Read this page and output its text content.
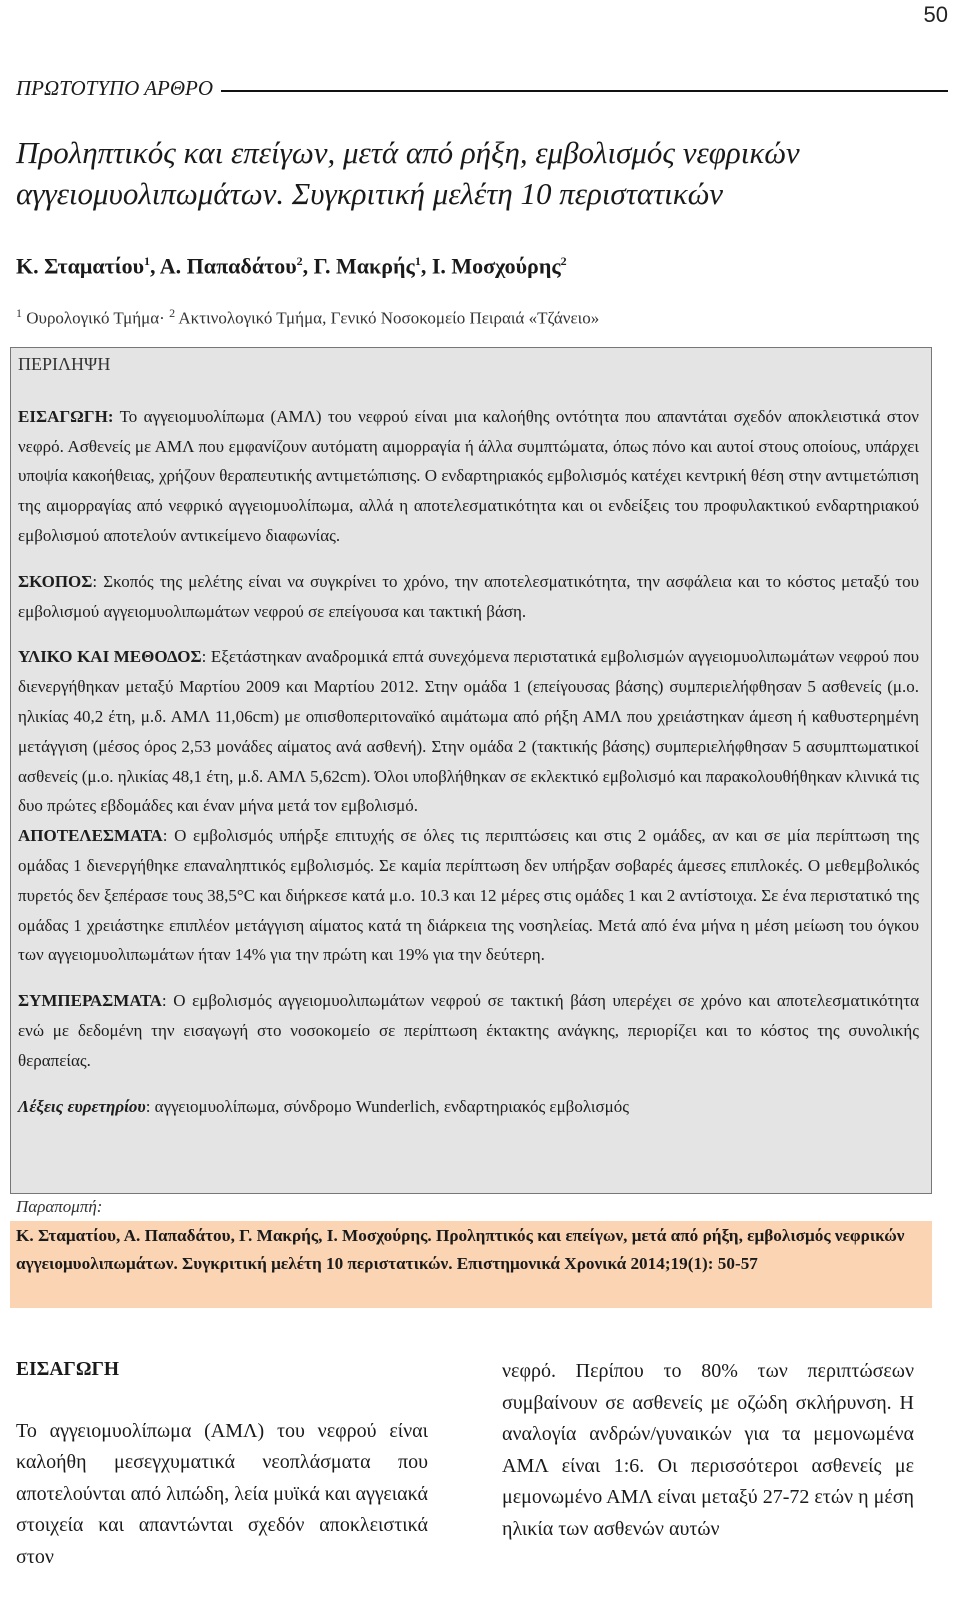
50
ΠΡΩΤΟΤΥΠΟ ΑΡΘΡΟ
Προληπτικός και επείγων, μετά από ρήξη, εμβολισμός νεφρικών
αγγειομυολιπωμάτων. Συγκριτική μελέτη 10 περιστατικών
Κ. Σταματίου$^1$, Α. Παπαδάτου$^2$, Γ. Μακρής$^1$, Ι. Μοσχούρης$^2$
$^1$ Ουρολογικό Τμήμα· $^2$ Ακτινολογικό Τμήμα, Γενικό Νοσοκομείο Πειραιά «Τζάνειο»

ΠΕΡΙΛΗΨΗ

ΕΙΣΑΓΩΓΗ: Το αγγειομυολίπωμα (ΑΜΛ) του νεφρού είναι μια καλοήθης οντότητα που απαντάται σχεδόν αποκλειστικά στον νεφρό. Ασθενείς με ΑΜΛ που εμφανίζουν αυτόματη αιμορραγία ή άλλα συμπτώματα, όπως πόνο και αυτοί στους οποίους, υπάρχει υποψία κακοήθειας, χρήζουν θεραπευτικής αντιμετώπισης. Ο ενδαρτηριακός εμβολισμός κατέχει κεντρική θέση στην αντιμετώπιση της αιμορραγίας από νεφρικό αγγειομυολίπωμα, αλλά η αποτελεσματικότητα και οι ενδείξεις του προφυλακτικού ενδαρτηριακού εμβολισμού αποτελούν αντικείμενο διαφωνίας.

ΣΚΟΠΟΣ: Σκοπός της μελέτης είναι να συγκρίνει το χρόνο, την αποτελεσματικότητα, την ασφάλεια και το κόστος μεταξύ του εμβολισμού αγγειομυολιπωμάτων νεφρού σε επείγουσα και τακτική βάση.

ΥΛΙΚΟ ΚΑΙ ΜΕΘΟΔΟΣ: Εξετάστηκαν αναδρομικά επτά συνεχόμενα περιστατικά εμβολισμών αγγειομυολιπωμάτων νεφρού που διενεργήθηκαν μεταξύ Μαρτίου 2009 και Μαρτίου 2012. Στην ομάδα 1 (επείγουσας βάσης) συμπεριελήφθησαν 5 ασθενείς (μ.ο. ηλικίας 40,2 έτη, μ.δ. ΑΜΛ 11,06cm) με οπισθοπεριτοναϊκό αιμάτωμα από ρήξη ΑΜΛ που χρειάστηκαν άμεση ή καθυστερημένη μετάγγιση (μέσος όρος 2,53 μονάδες αίματος ανά ασθενή). Στην ομάδα 2 (τακτικής βάσης) συμπεριελήφθησαν 5 ασυμπτωματικοί ασθενείς (μ.ο. ηλικίας 48,1 έτη, μ.δ. ΑΜΛ 5,62cm). Όλοι υποβλήθηκαν σε εκλεκτικό εμβολισμό και παρακολουθήθηκαν κλινικά τις δυο πρώτες εβδομάδες και έναν μήνα μετά τον εμβολισμό.

ΑΠΟΤΕΛΕΣΜΑΤΑ: Ο εμβολισμός υπήρξε επιτυχής σε όλες τις περιπτώσεις και στις 2 ομάδες, αν και σε μία περίπτωση της ομάδας 1 διενεργήθηκε επαναληπτικός εμβολισμός. Σε καμία περίπτωση δεν υπήρξαν σοβαρές άμεσες επιπλοκές. Ο μεθεμβολικός πυρετός δεν ξεπέρασε τους 38,5°C και διήρκεσε κατά μ.ο. 10.3 και 12 μέρες στις ομάδες 1 και 2 αντίστοιχα. Σε ένα περιστατικό της ομάδας 1 χρειάστηκε επιπλέον μετάγγιση αίματος κατά τη διάρκεια της νοσηλείας. Μετά από ένα μήνα η μέση μείωση του όγκου των αγγειομυολιπωμάτων ήταν 14% για την πρώτη και 19% για την δεύτερη.

ΣΥΜΠΕΡΑΣΜΑΤΑ: Ο εμβολισμός αγγειομυολιπωμάτων νεφρού σε τακτική βάση υπερέχει σε χρόνο και αποτελεσματικότητα ενώ με δεδομένη την εισαγωγή στο νοσοκομείο σε περίπτωση έκτακτης ανάγκης, περιορίζει και το κόστος της συνολικής θεραπείας.

Λέξεις ευρετηρίου: αγγειομυολίπωμα, σύνδρομο Wunderlich, ενδαρτηριακός εμβολισμός

Παραπομπή:
Κ. Σταματίου, Α. Παπαδάτου, Γ. Μακρής, Ι. Μοσχούρης. Προληπτικός και επείγων, μετά από ρήξη, εμβολισμός νεφρικών αγγειομυολιπωμάτων. Συγκριτική μελέτη 10 περιστατικών. Επιστημονικά Χρονικά 2014;19(1): 50-57

ΕΙΣΑΓΩΓΗ

Το αγγειομυολίπωμα (ΑΜΛ) του νεφρού είναι καλοήθη μεσεγχυματικά νεοπλάσματα που αποτελούνται από λιπώδη, λεία μυϊκά και αγγειακά στοιχεία και απαντώνται σχεδόν αποκλειστικά στον

νεφρό. Περίπου το 80% των περιπτώσεων συμβαίνουν σε ασθενείς με οζώδη σκλήρυνση. Η αναλογία ανδρών/γυναικών για τα μεμονωμένα ΑΜΛ είναι 1:6. Οι περισσότεροι ασθενείς με μεμονωμένο ΑΜΛ είναι μεταξύ 27-72 ετών η μέση ηλικία των ασθενών αυτών
